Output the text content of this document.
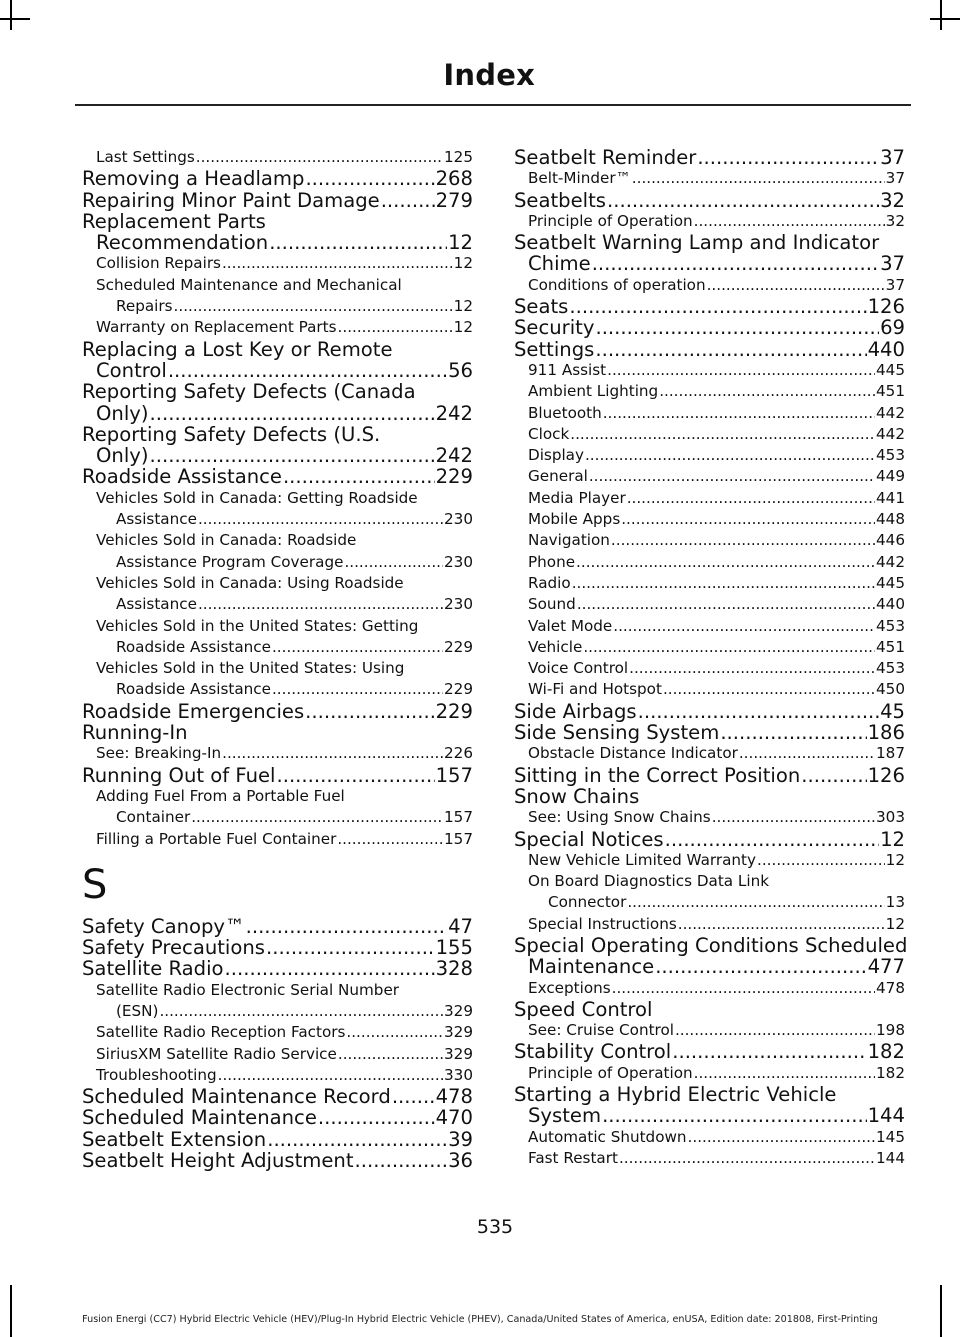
Index
Last Settings .....	125
Removing a Headlamp .....	268
Repairing Minor Paint Damage .....	279
Replacement Parts
Recommendation .....	12
Collision Repairs .....	12
Scheduled Maintenance and Mechanical
Repairs .....	12
Warranty on Replacement Parts .....	12
Replacing a Lost Key or Remote
Control .....	56
Reporting Safety Defects (Canada
Only) .....	242
Reporting Safety Defects (U.S.
Only) .....	242
Roadside Assistance .....	229
Vehicles Sold in Canada: Getting Roadside
Assistance .....	230
Vehicles Sold in Canada: Roadside
Assistance Program Coverage .....	230
Vehicles Sold in Canada: Using Roadside
Assistance .....	230
Vehicles Sold in the United States: Getting
Roadside Assistance .....	229
Vehicles Sold in the United States: Using
Roadside Assistance .....	229
Roadside Emergencies .....	229
Running-In
See: Breaking-In .....	226
Running Out of Fuel .....	157
Adding Fuel From a Portable Fuel
Container .....	157
Filling a Portable Fuel Container .....	157
S
Safety Canopy™ .....	47
Safety Precautions .....	155
Satellite Radio .....	328
Satellite Radio Electronic Serial Number
(ESN) .....	329
Satellite Radio Reception Factors .....	329
SiriusXM Satellite Radio Service .....	329
Troubleshooting .....	330
Scheduled Maintenance Record ..... 478
Scheduled Maintenance .....	470
Seatbelt Extension .....	39
Seatbelt Height Adjustment .....	36
Seatbelt Reminder .....	37
Belt-Minder™ .....	37
Seatbelts .....	32
Principle of Operation .....	32
Seatbelt Warning Lamp and Indicator
Chime .....	37
Conditions of operation .....	37
Seats .....	126
Security .....	69
Settings .....	440
911 Assist .....	445
Ambient Lighting .....	451
Bluetooth .....	442
Clock .....	442
Display .....	453
General .....	449
Media Player .....	441
Mobile Apps .....	448
Navigation .....	446
Phone .....	442
Radio .....	445
Sound .....	440
Valet Mode .....	453
Vehicle .....	451
Voice Control .....	453
Wi-Fi and Hotspot .....	450
Side Airbags .....	45
Side Sensing System .....	186
Obstacle Distance Indicator .....	187
Sitting in the Correct Position .....	126
Snow Chains
See: Using Snow Chains .....	303
Special Notices .....	12
New Vehicle Limited Warranty .....	12
On Board Diagnostics Data Link
Connector .....	13
Special Instructions .....	12
Special Operating Conditions Scheduled
Maintenance .....	477
Exceptions .....	478
Speed Control
See: Cruise Control .....	198
Stability Control .....	182
Principle of Operation .....	182
Starting a Hybrid Electric Vehicle
System .....	144
Automatic Shutdown .....	145
Fast Restart .....	144
535
Fusion Energi (CC7) Hybrid Electric Vehicle (HEV)/Plug-In Hybrid Electric Vehicle (PHEV), Canada/United States of America, enUSA, Edition date: 201808, First-Printing
